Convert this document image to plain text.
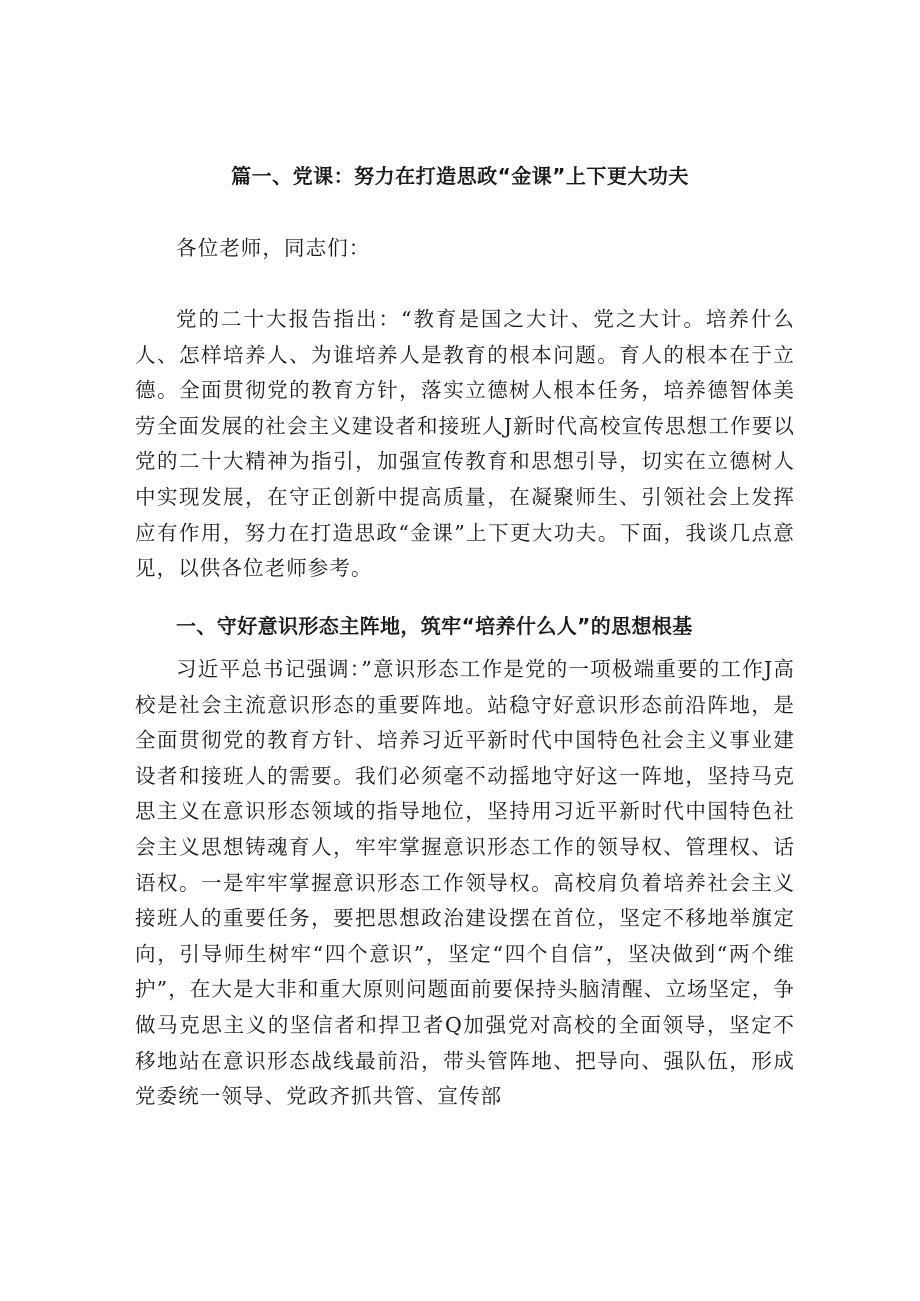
篇一、党课：努力在打造思政“金课”上下更大功夫

各位老师，同志们：

党的二十大报告指出：“教育是国之大计、党之大计。培养什么人、怎样培养人、为谁培养人是教育的根本问题。育人的根本在于立德。全面贯彻党的教育方针，落实立德树人根本任务，培养德智体美劳全面发展的社会主义建设者和接班人J新时代高校宣传思想工作要以党的二十大精神为指引，加强宣传教育和思想引导，切实在立德树人中实现发展，在守正创新中提高质量，在凝聚师生、引领社会上发挥应有作用，努力在打造思政“金课”上下更大功夫。下面，我谈几点意见，以供各位老师参考。

一、守好意识形态主阵地，筑牢“培养什么人”的思想根基

习近平总书记强调：”意识形态工作是党的一项极端重要的工作J高校是社会主流意识形态的重要阵地。站稳守好意识形态前沿阵地，是全面贯彻党的教育方针、培养习近平新时代中国特色社会主义事业建设者和接班人的需要。我们必须毫不动摇地守好这一阵地，坚持马克思主义在意识形态领域的指导地位，坚持用习近平新时代中国特色社会主义思想铸魂育人，牢牢掌握意识形态工作的领导权、管理权、话语权。一是牢牢掌握意识形态工作领导权。高校肩负着培养社会主义接班人的重要任务，要把思想政治建设摆在首位，坚定不移地举旗定向，引导师生树牢“四个意识”，坚定“四个自信”，坚决做到“两个维护”，在大是大非和重大原则问题面前要保持头脑清醒、立场坚定，争做马克思主义的坚信者和捍卫者Q加强党对高校的全面领导，坚定不移地站在意识形态战线最前沿，带头管阵地、把导向、强队伍，形成党委统一领导、党政齐抓共管、宣传部
